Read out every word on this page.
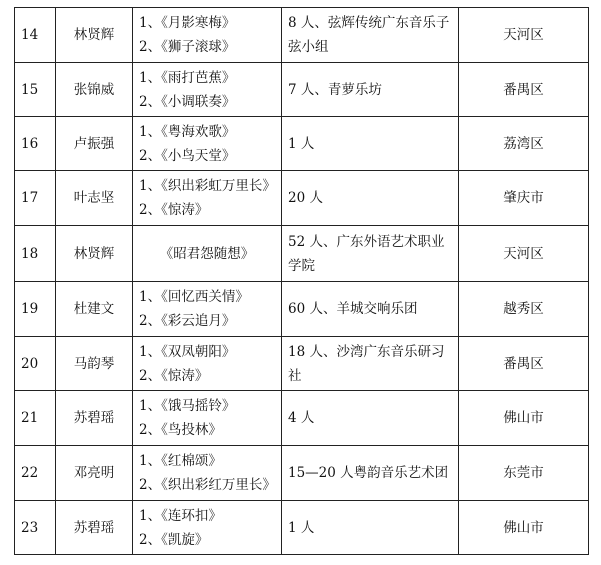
14	林贤辉	1、《月影寒梅》
2、《狮子滚球》	8 人、弦辉传统广东音乐子弦小组	天河区
15	张锦威	1、《雨打芭蕉》
2、《小调联奏》	7 人、青萝乐坊	番禺区
16	卢振强	1、《粤海欢歌》
2、《小鸟天堂》	1 人	荔湾区
17	叶志坚	1、《织出彩虹万里长》
2、《惊涛》	20 人	肇庆市
18	林贤辉	《昭君怨随想》	52 人、广东外语艺术职业学院	天河区
19	杜建文	1、《回忆西关情》
2、《彩云追月》	60 人、羊城交响乐团	越秀区
20	马韵琴	1、《双凤朝阳》
2、《惊涛》	18 人、沙湾广东音乐研习社	番禺区
21	苏碧瑶	1、《饿马摇铃》
2、《鸟投林》	4 人	佛山市
22	邓亮明	1、《红棉颂》
2、《织出彩红万里长》	15—20 人粤韵音乐艺术团	东莞市
23	苏碧瑶	1、《连环扣》
2、《凯旋》	1 人	佛山市
